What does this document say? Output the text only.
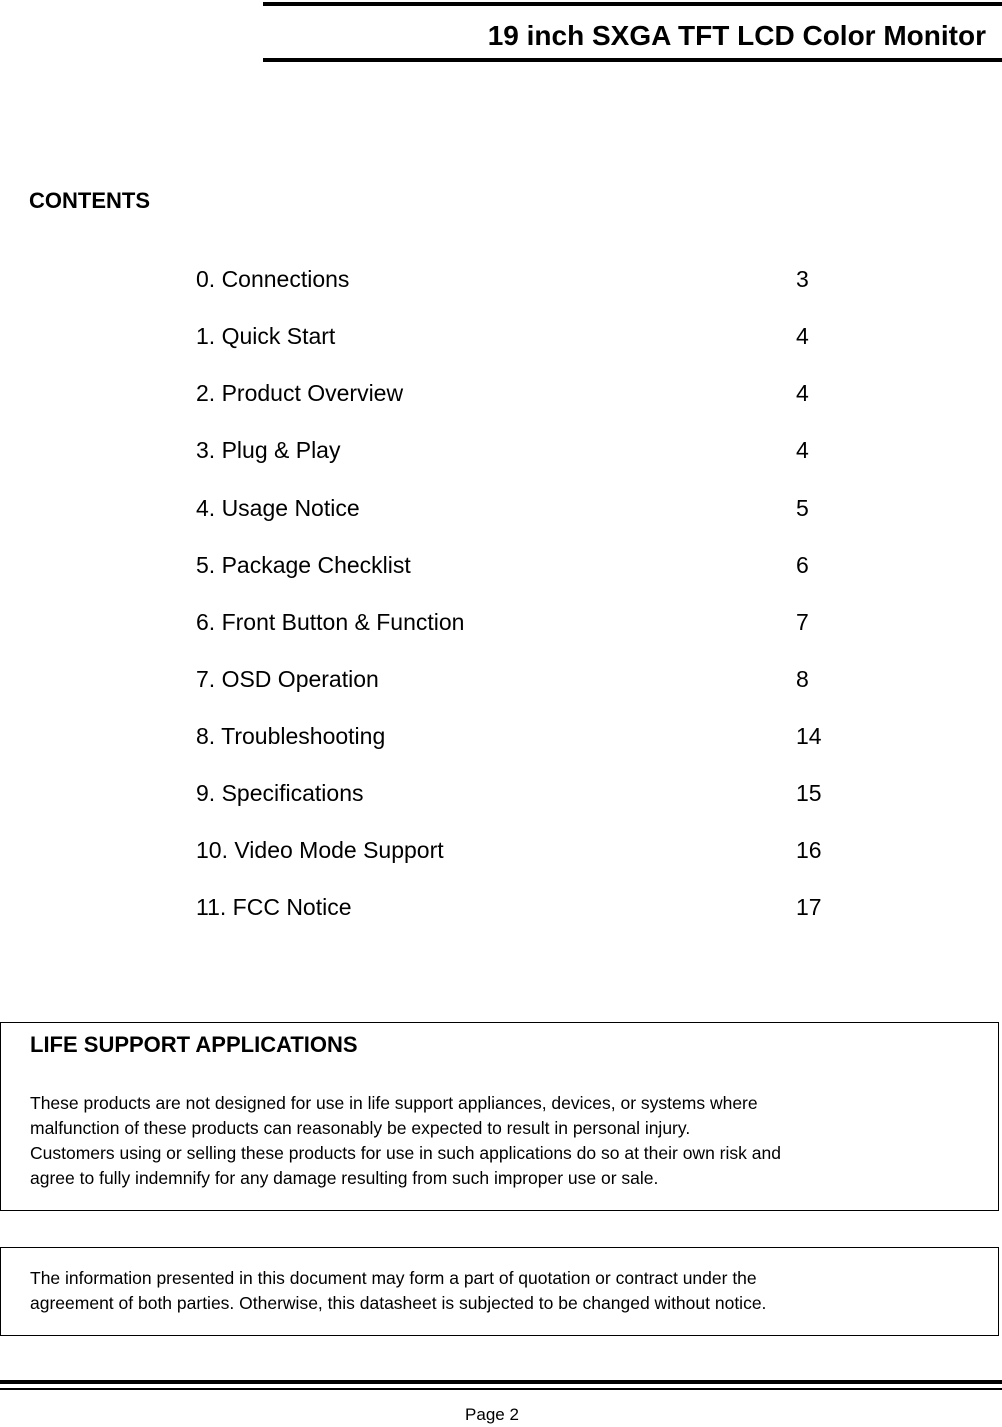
19 inch SXGA TFT LCD Color Monitor
CONTENTS
0. Connections	3
1. Quick Start	4
2. Product Overview	4
3. Plug & Play	4
4. Usage Notice	5
5. Package Checklist	6
6. Front Button & Function	7
7. OSD Operation	8
8. Troubleshooting	14
9. Specifications	15
10. Video Mode Support	16
11. FCC Notice	17
LIFE SUPPORT APPLICATIONS
These products are not designed for use in life support appliances, devices, or systems where
malfunction of these products can reasonably be expected to result in personal injury.
Customers using or selling these products for use in such applications do so at their own risk and
agree to fully indemnify for any damage resulting from such improper use or sale.
The information presented in this document may form a part of quotation or contract under the
agreement of both parties. Otherwise, this datasheet is subjected to be changed without notice.
Page 2
